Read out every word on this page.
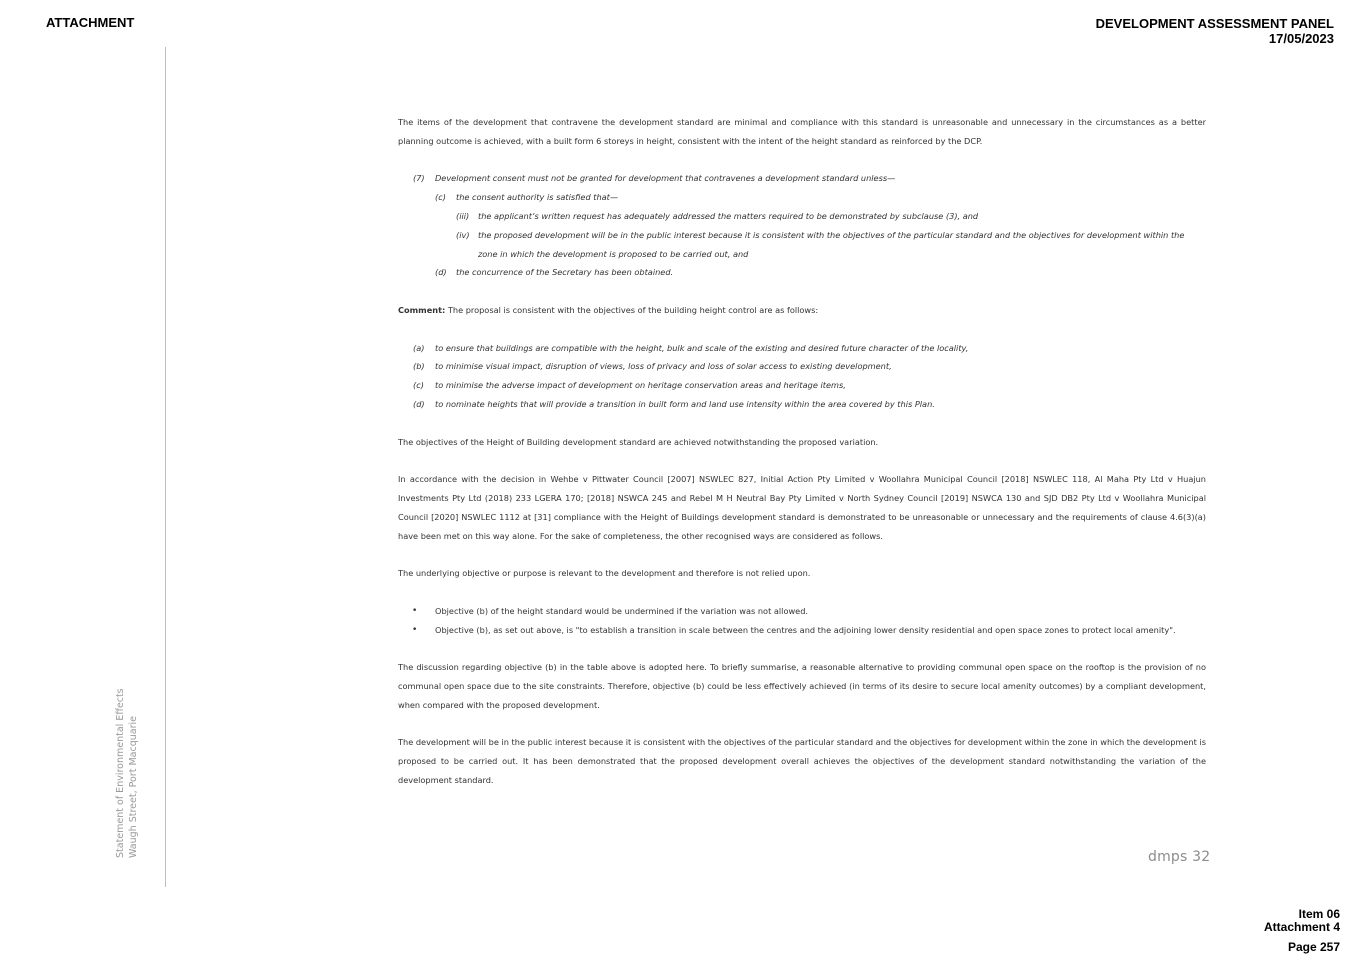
ATTACHMENT	DEVELOPMENT ASSESSMENT PANEL
17/05/2023
Statement of Environmental Effects Waugh Street, Port Macquarie

The items of the development that contravene the development standard are minimal and compliance with this standard is unreasonable and unnecessary in the circumstances as a better planning outcome is achieved, with a built form 6 storeys in height, consistent with the intent of the height standard as reinforced by the DCP.

(7)	Development consent must not be granted for development that contravenes a development standard unless—
(c)	the consent authority is satisfied that—
(iii)	the applicant’s written request has adequately addressed the matters required to be demonstrated by subclause (3), and
(iv)	the proposed development will be in the public interest because it is consistent with the objectives of the particular standard and the objectives for development within the zone in which the development is proposed to be carried out, and
(d)	the concurrence of the Secretary has been obtained.

Comment: The proposal is consistent with the objectives of the building height control are as follows:

(a)	to ensure that buildings are compatible with the height, bulk and scale of the existing and desired future character of the locality,
(b)	to minimise visual impact, disruption of views, loss of privacy and loss of solar access to existing development,
(c)	to minimise the adverse impact of development on heritage conservation areas and heritage items,
(d)	to nominate heights that will provide a transition in built form and land use intensity within the area covered by this Plan.

The objectives of the Height of Building development standard are achieved notwithstanding the proposed variation.

In accordance with the decision in Wehbe v Pittwater Council [2007] NSWLEC 827, Initial Action Pty Limited v Woollahra Municipal Council [2018] NSWLEC 118, Al Maha Pty Ltd v Huajun Investments Pty Ltd (2018) 233 LGERA 170; [2018] NSWCA 245 and Rebel M H Neutral Bay Pty Limited v North Sydney Council [2019] NSWCA 130 and SJD DB2 Pty Ltd v Woollahra Municipal Council [2020] NSWLEC 1112 at [31] compliance with the Height of Buildings development standard is demonstrated to be unreasonable or unnecessary and the requirements of clause 4.6(3)(a) have been met on this way alone. For the sake of completeness, the other recognised ways are considered as follows.

The underlying objective or purpose is relevant to the development and therefore is not relied upon.

• Objective (b) of the height standard would be undermined if the variation was not allowed.
• Objective (b), as set out above, is "to establish a transition in scale between the centres and the adjoining lower density residential and open space zones to protect local amenity".

The discussion regarding objective (b) in the table above is adopted here. To briefly summarise, a reasonable alternative to providing communal open space on the rooftop is the provision of no communal open space due to the site constraints. Therefore, objective (b) could be less effectively achieved (in terms of its desire to secure local amenity outcomes) by a compliant development, when compared with the proposed development.

The development will be in the public interest because it is consistent with the objectives of the particular standard and the objectives for development within the zone in which the development is proposed to be carried out. It has been demonstrated that the proposed development overall achieves the objectives of the development standard notwithstanding the variation of the development standard.

dmps 32
Item 06
Attachment 4
Page 257
